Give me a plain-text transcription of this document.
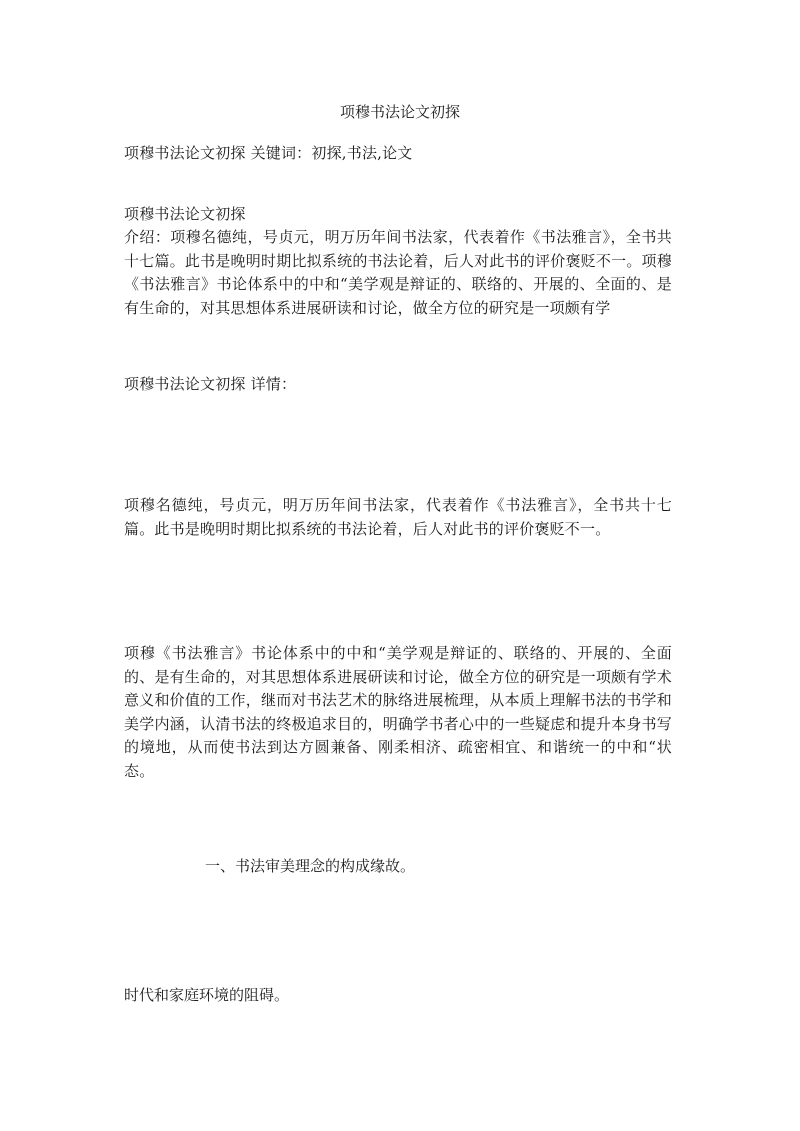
项穆书法论文初探
项穆书法论文初探 关键词：初探,书法,论文
项穆书法论文初探
介绍：项穆名德纯，号贞元，明万历年间书法家，代表着作《书法雅言》，全书共十七篇。此书是晚明时期比拟系统的书法论着，后人对此书的评价褒贬不一。项穆《书法雅言》书论体系中的中和“美学观是辩证的、联络的、开展的、全面的、是有生命的，对其思想体系进展研读和讨论，做全方位的研究是一项颇有学
项穆书法论文初探 详情：
项穆名德纯，号贞元，明万历年间书法家，代表着作《书法雅言》，全书共十七篇。此书是晚明时期比拟系统的书法论着，后人对此书的评价褒贬不一。
项穆《书法雅言》书论体系中的中和“美学观是辩证的、联络的、开展的、全面的、是有生命的，对其思想体系进展研读和讨论，做全方位的研究是一项颇有学术意义和价值的工作，继而对书法艺术的脉络进展梳理，从本质上理解书法的书学和美学内涵，认清书法的终极追求目的，明确学书者心中的一些疑虑和提升本身书写的境地，从而使书法到达方圆兼备、刚柔相济、疏密相宜、和谐统一的中和“状态。
一、书法审美理念的构成缘故。
时代和家庭环境的阻碍。
